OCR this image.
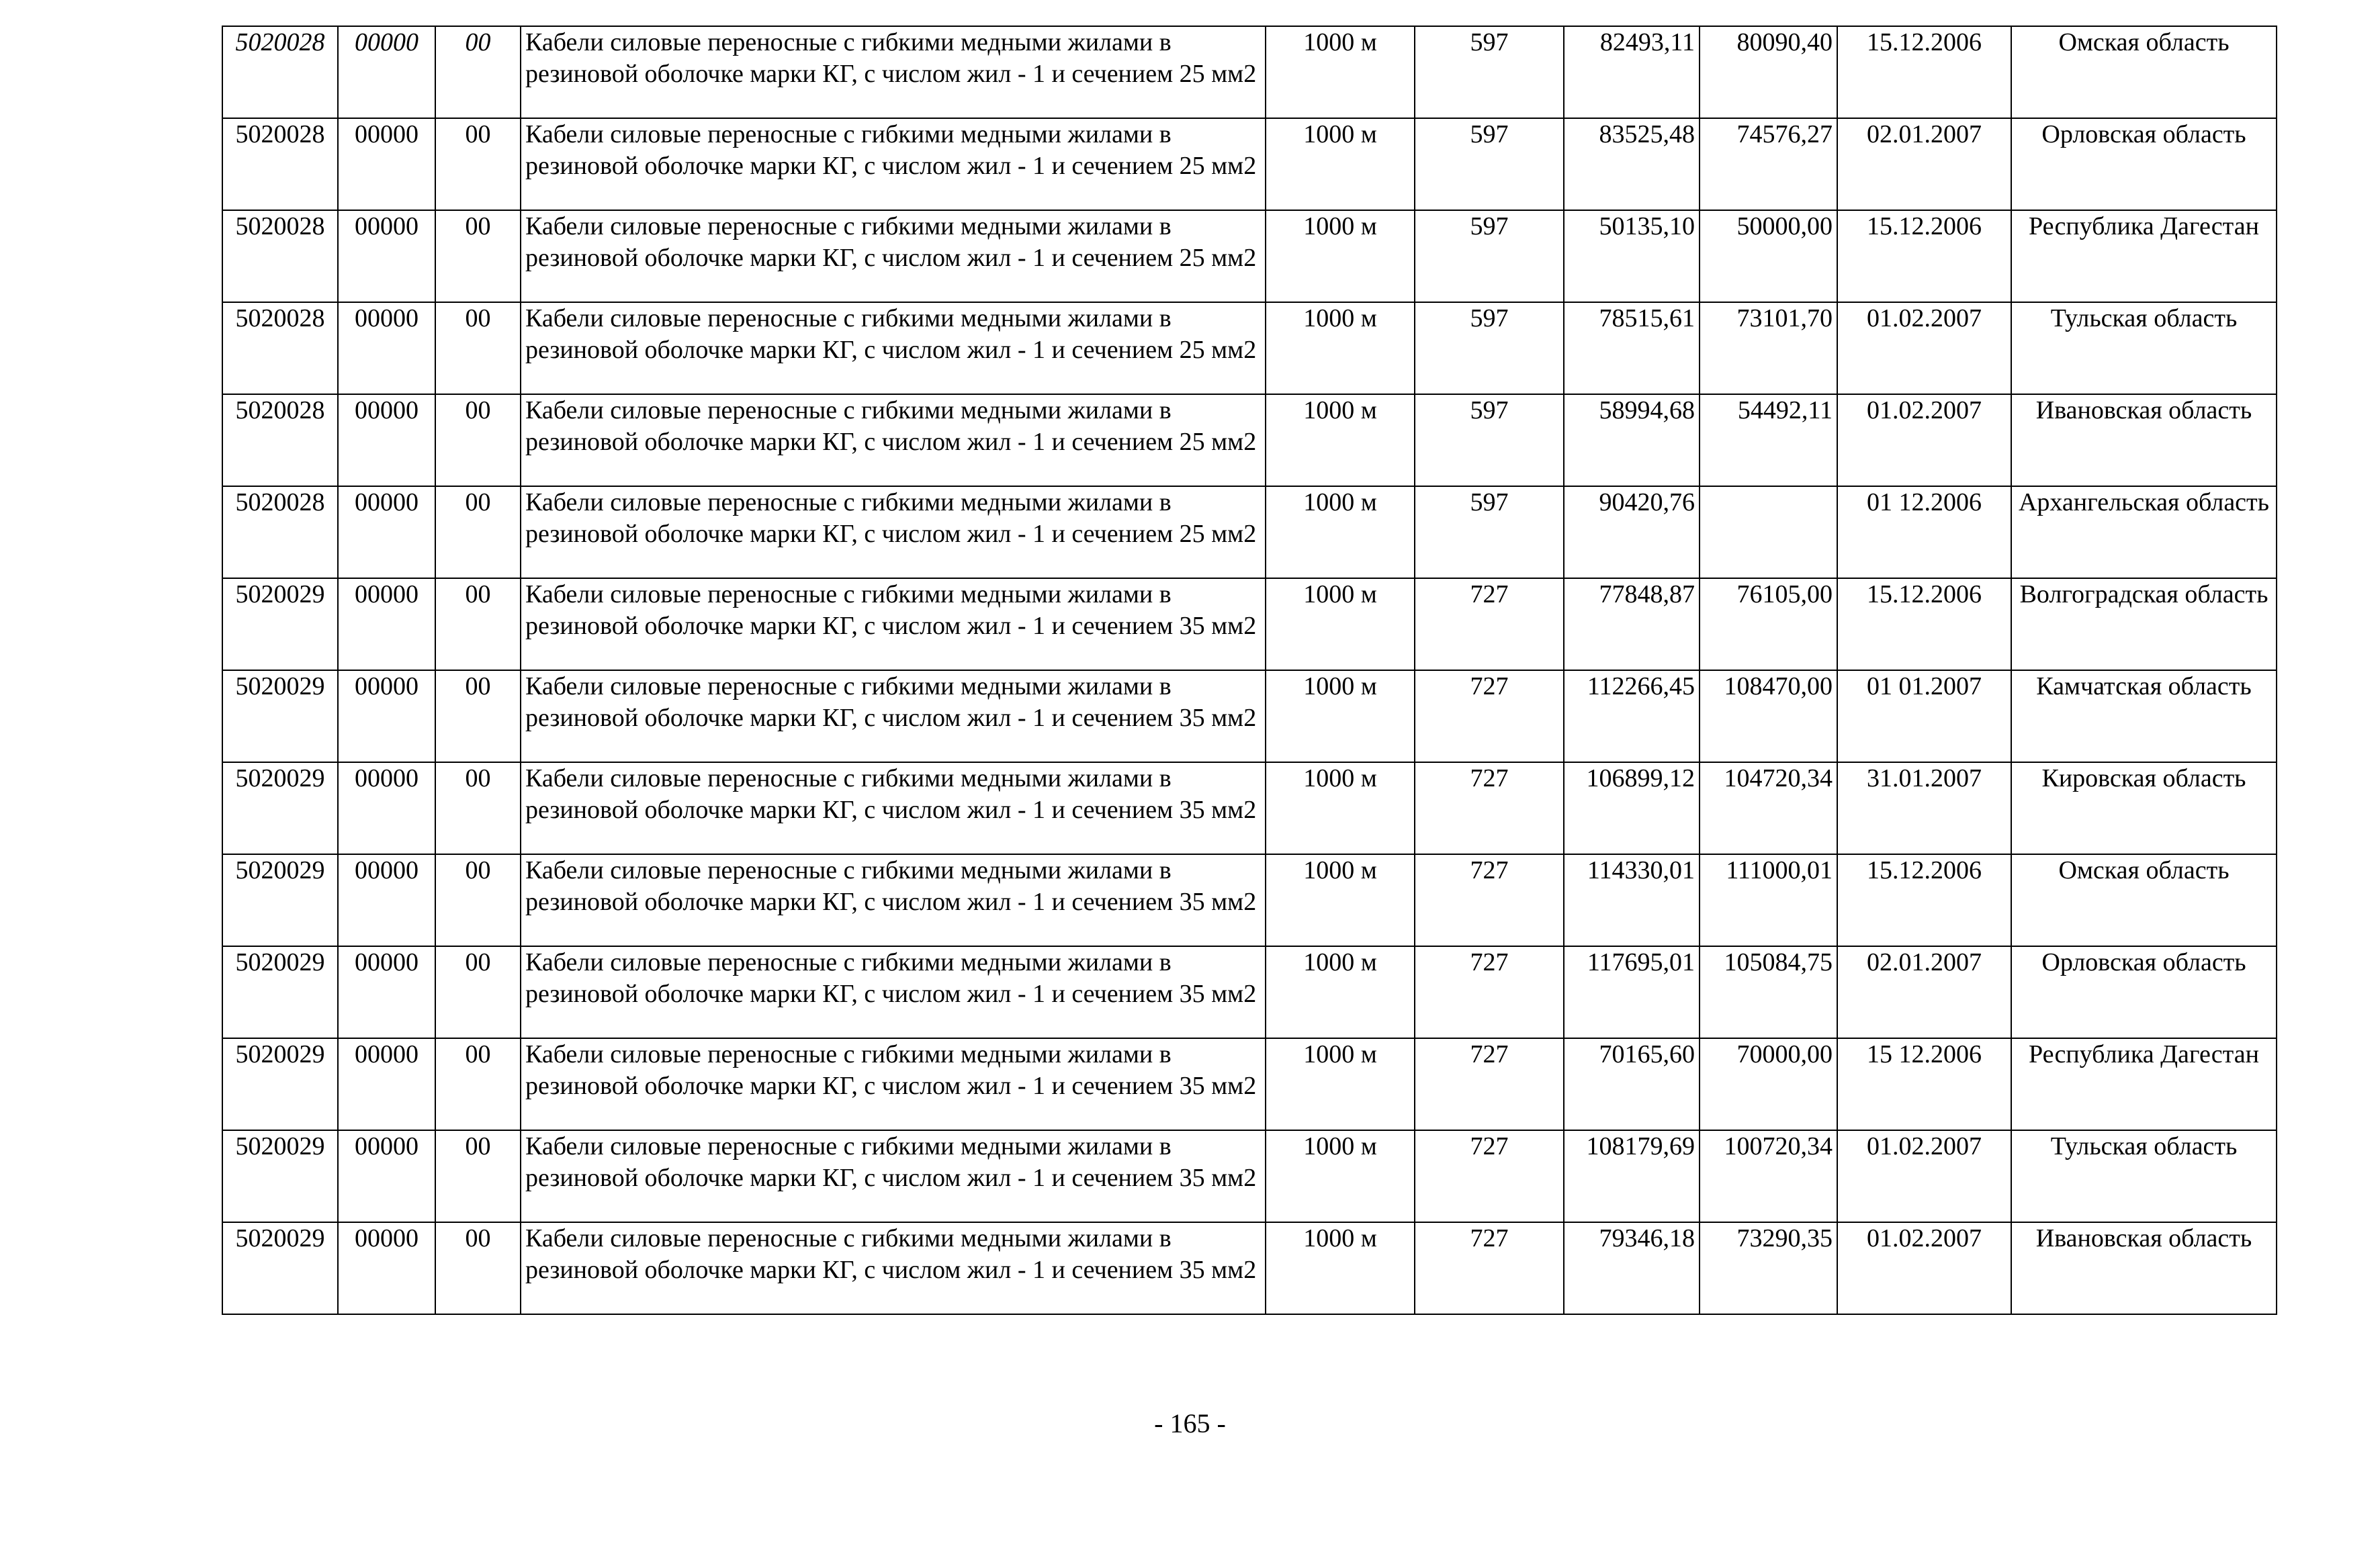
5020028	00000	00	Кабели силовые переносные с гибкими медными жилами в резиновой оболочке марки КГ, с числом жил - 1 и сечением 25 мм2	1000 м	597	82493,11	80090,40	15.12.2006	Омская область
5020028	00000	00	Кабели силовые переносные с гибкими медными жилами в резиновой оболочке марки КГ, с числом жил - 1 и сечением 25 мм2	1000 м	597	83525,48	74576,27	02.01.2007	Орловская область
5020028	00000	00	Кабели силовые переносные с гибкими медными жилами в резиновой оболочке марки КГ, с числом жил - 1 и сечением 25 мм2	1000 м	597	50135,10	50000,00	15.12.2006	Республика Дагестан
5020028	00000	00	Кабели силовые переносные с гибкими медными жилами в резиновой оболочке марки КГ, с числом жил - 1 и сечением 25 мм2	1000 м	597	78515,61	73101,70	01.02.2007	Тульская область
5020028	00000	00	Кабели силовые переносные с гибкими медными жилами в резиновой оболочке марки КГ, с числом жил - 1 и сечением 25 мм2	1000 м	597	58994,68	54492,11	01.02.2007	Ивановская область
5020028	00000	00	Кабели силовые переносные с гибкими медными жилами в резиновой оболочке марки КГ, с числом жил - 1 и сечением 25 мм2	1000 м	597	90420,76		01 12.2006	Архангельская область
5020029	00000	00	Кабели силовые переносные с гибкими медными жилами в резиновой оболочке марки КГ, с числом жил - 1 и сечением 35 мм2	1000 м	727	77848,87	76105,00	15.12.2006	Волгоградская область
5020029	00000	00	Кабели силовые переносные с гибкими медными жилами в резиновой оболочке марки КГ, с числом жил - 1 и сечением 35 мм2	1000 м	727	112266,45	108470,00	01 01.2007	Камчатская область
5020029	00000	00	Кабели силовые переносные с гибкими медными жилами в резиновой оболочке марки КГ, с числом жил - 1 и сечением 35 мм2	1000 м	727	106899,12	104720,34	31.01.2007	Кировская область
5020029	00000	00	Кабели силовые переносные с гибкими медными жилами в резиновой оболочке марки КГ, с числом жил - 1 и сечением 35 мм2	1000 м	727	114330,01	111000,01	15.12.2006	Омская область
5020029	00000	00	Кабели силовые переносные с гибкими медными жилами в резиновой оболочке марки КГ, с числом жил - 1 и сечением 35 мм2	1000 м	727	117695,01	105084,75	02.01.2007	Орловская область
5020029	00000	00	Кабели силовые переносные с гибкими медными жилами в резиновой оболочке марки КГ, с числом жил - 1 и сечением 35 мм2	1000 м	727	70165,60	70000,00	15 12.2006	Республика Дагестан
5020029	00000	00	Кабели силовые переносные с гибкими медными жилами в резиновой оболочке марки КГ, с числом жил - 1 и сечением 35 мм2	1000 м	727	108179,69	100720,34	01.02.2007	Тульская область
5020029	00000	00	Кабели силовые переносные с гибкими медными жилами в резиновой оболочке марки КГ, с числом жил - 1 и сечением 35 мм2	1000 м	727	79346,18	73290,35	01.02.2007	Ивановская область
- 165 -
